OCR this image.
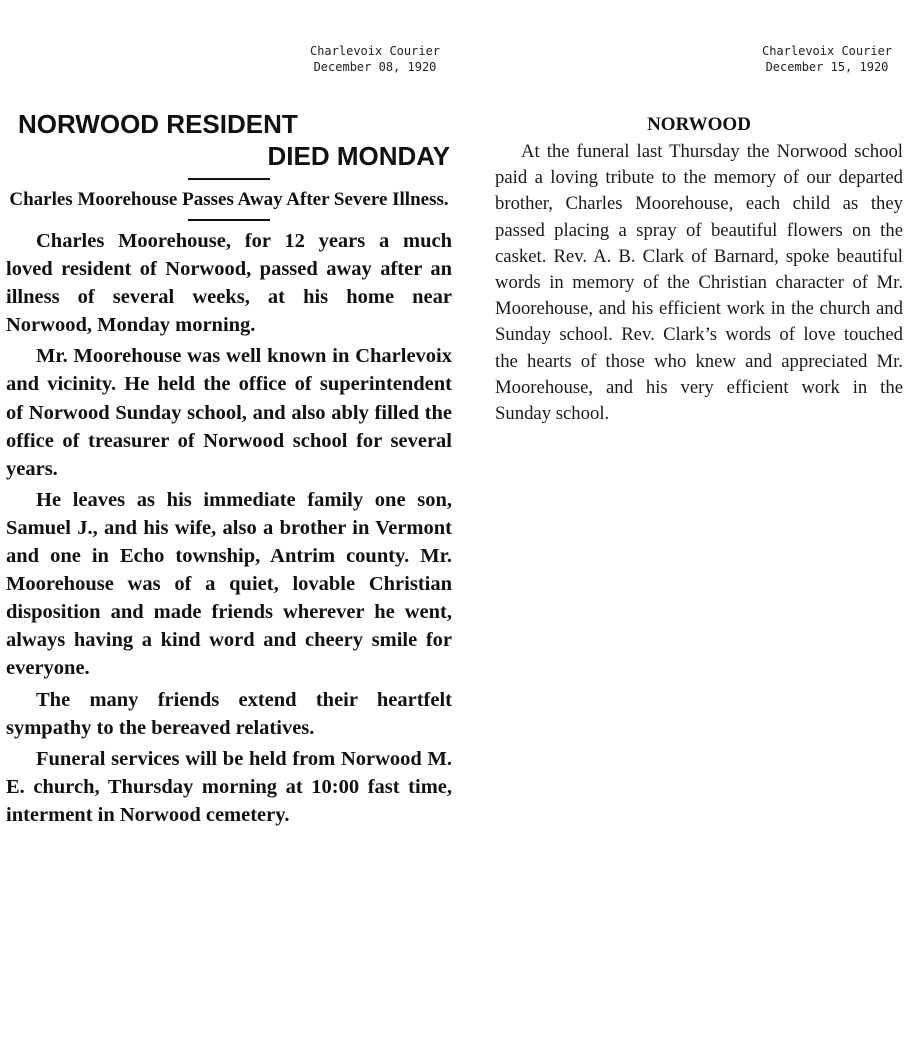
Charlevoix Courier
December 08, 1920
Charlevoix Courier
December 15, 1920
NORWOOD RESIDENT
DIED MONDAY
Charles Moorehouse Passes Away After Severe Illness.

Charles Moorehouse, for 12 years a much loved resident of Norwood, passed away after an illness of several weeks, at his home near Norwood, Monday morning.

Mr. Moorehouse was well known in Charlevoix and vicinity. He held the office of superintendent of Norwood Sunday school, and also ably filled the office of treasurer of Norwood school for several years.

He leaves as his immediate family one son, Samuel J., and his wife, also a brother in Vermont and one in Echo township, Antrim county. Mr. Moorehouse was of a quiet, lovable Christian disposition and made friends wherever he went, always having a kind word and cheery smile for everyone.

The many friends extend their heartfelt sympathy to the bereaved relatives.

Funeral services will be held from Norwood M. E. church, Thursday morning at 10:00 fast time, interment in Norwood cemetery.

NORWOOD

At the funeral last Thursday the Norwood school paid a loving tribute to the memory of our departed brother, Charles Moorehouse, each child as they passed placing a spray of beautiful flowers on the casket. Rev. A. B. Clark of Barnard, spoke beautiful words in memory of the Christian character of Mr. Moorehouse, and his efficient work in the church and Sunday school. Rev. Clark’s words of love touched the hearts of those who knew and appreciated Mr. Moorehouse, and his very efficient work in the Sunday school.
